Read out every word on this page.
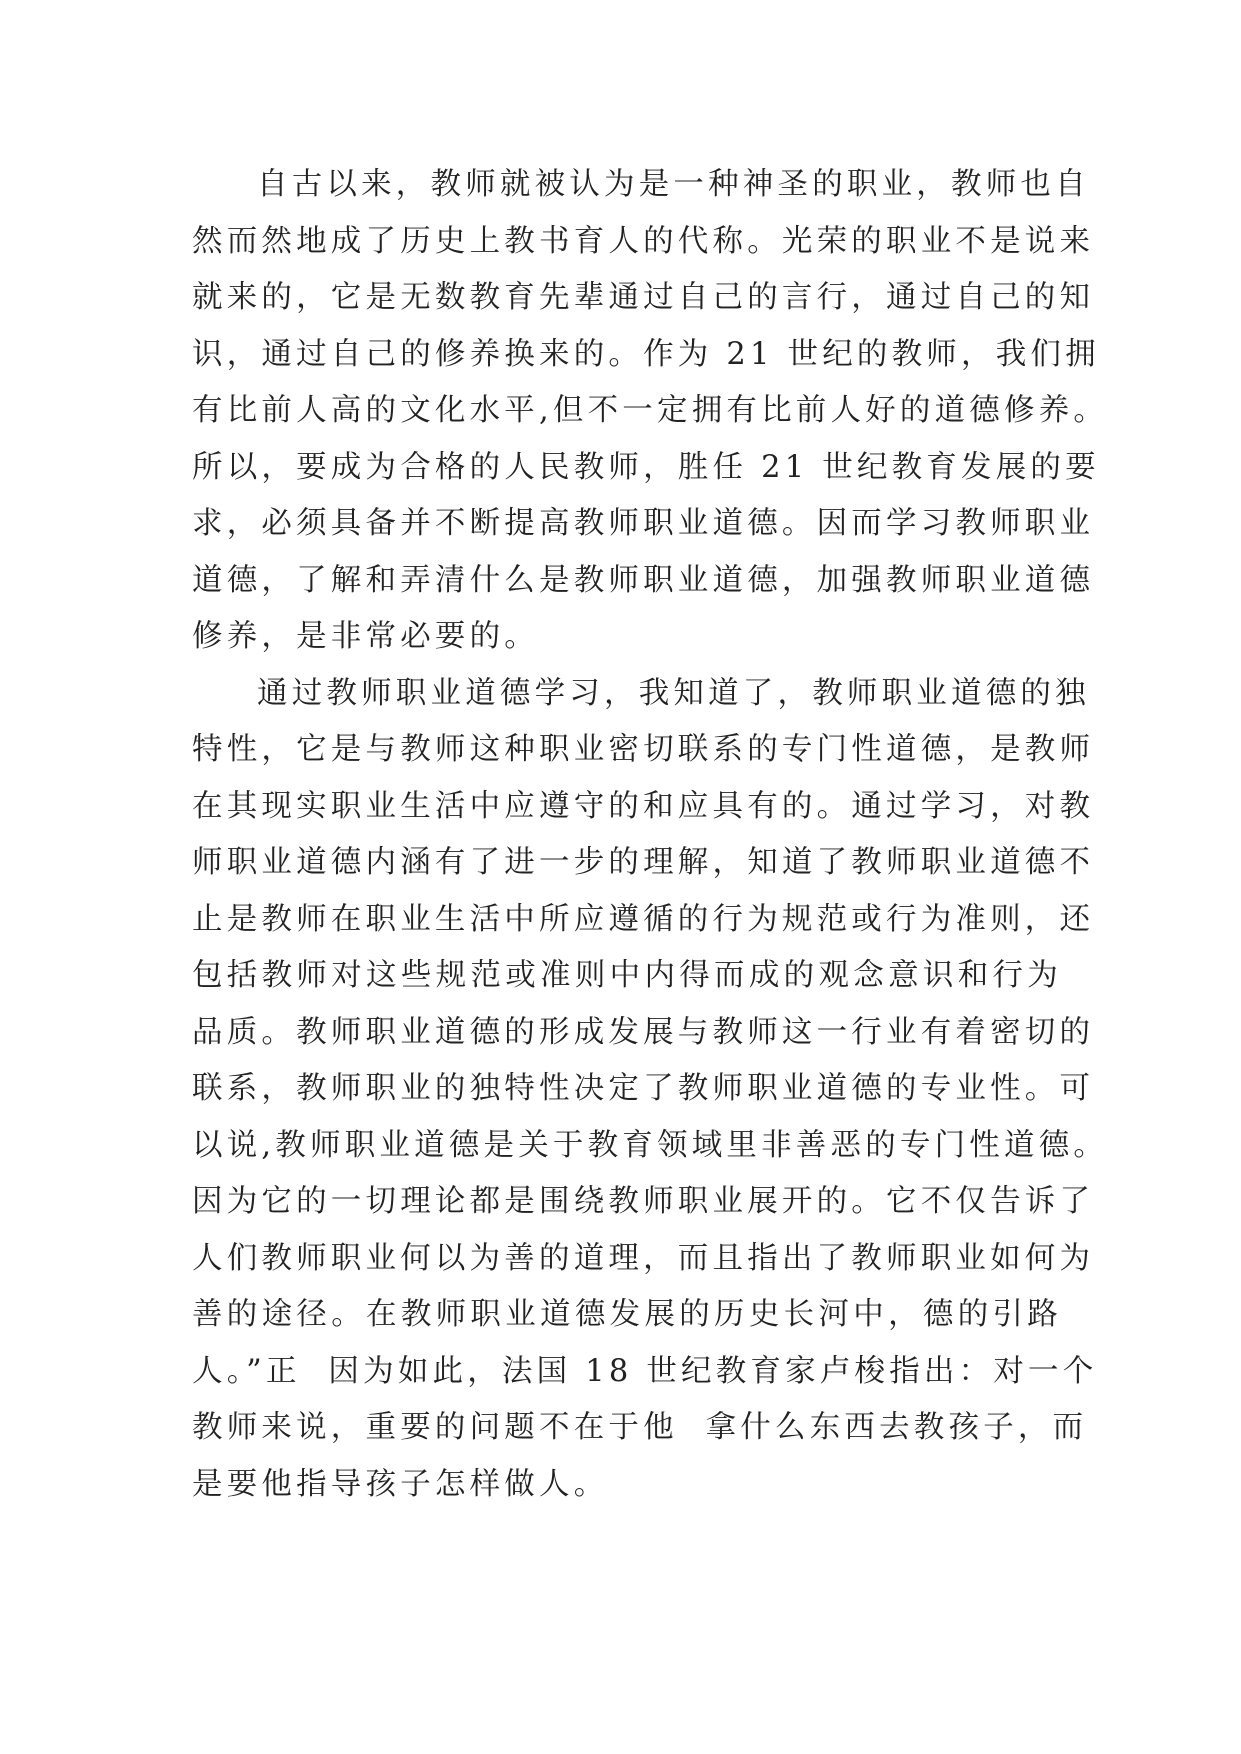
自古以来，教师就被认为是一种神圣的职业，教师也自
然而然地成了历史上教书育人的代称。光荣的职业不是说来
就来的，它是无数教育先辈通过自己的言行，通过自己的知
识，通过自己的修养换来的。作为 21 世纪的教师，我们拥
有比前人高的文化水平,但不一定拥有比前人好的道德修养。
所以，要成为合格的人民教师，胜任 21 世纪教育发展的要
求，必须具备并不断提高教师职业道德。因而学习教师职业
道德，了解和弄清什么是教师职业道德，加强教师职业道德
修养，是非常必要的。
通过教师职业道德学习，我知道了，教师职业道德的独
特性，它是与教师这种职业密切联系的专门性道德，是教师
在其现实职业生活中应遵守的和应具有的。通过学习，对教
师职业道德内涵有了进一步的理解，知道了教师职业道德不
止是教师在职业生活中所应遵循的行为规范或行为准则，还
包括教师对这些规范或准则中内得而成的观念意识和行为
品质。教师职业道德的形成发展与教师这一行业有着密切的
联系，教师职业的独特性决定了教师职业道德的专业性。可
以说,教师职业道德是关于教育领域里非善恶的专门性道德。
因为它的一切理论都是围绕教师职业展开的。它不仅告诉了
人们教师职业何以为善的道理，而且指出了教师职业如何为
善的途径。在教师职业道德发展的历史长河中，德的引路
人。”正  因为如此，法国 18 世纪教育家卢梭指出：对一个
教师来说，重要的问题不在于他  拿什么东西去教孩子，而
是要他指导孩子怎样做人。
